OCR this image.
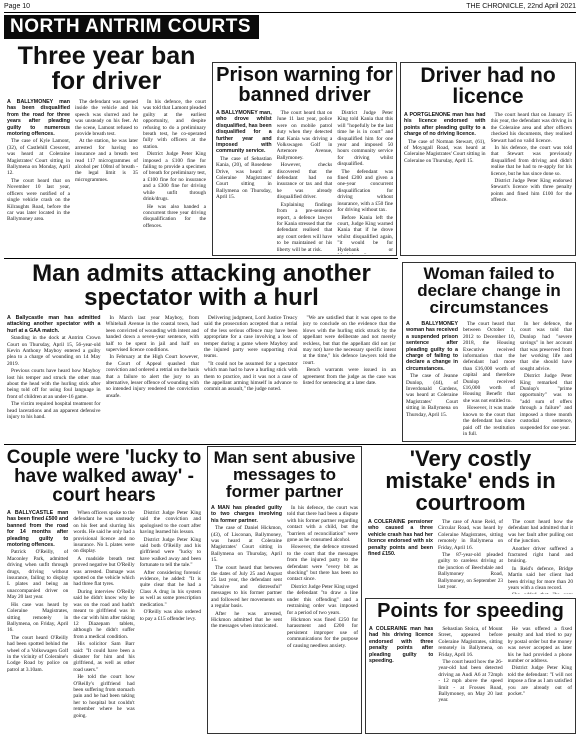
Page 10	THE CHRONICLE, 22nd April 2021
NORTH ANTRIM COURTS
Three year ban for driver

A BALLYMONEY man has been disqualified from the road for three years after pleading guilty to numerous motoring offences.

The case of Kyle Lamont, (32), of Castlehill Crescent, was heard at Coleraine Magistrates' Court sitting in Ballymena on Monday, April 12.

The court heard that on November 10 last year, officers were notified of a single vehicle crash on the Kilraughts Road, before the car was later located in the Ballymoney area.

The defendant was opened inside the vehicle and his speech was slurred and he was unsteady on his feet. At the scene, Lamont refused to provide breath test.

At the station, he was later arrested for having no insurance and a breath test read 117 microgrammes of alcohol per 100ml of breath - the legal limit is 35 microgrammes.

In his defence, the court was told that Lamont pleaded guilty at the earliest opportunity, and despite refusing to do a preliminary breath test, he co-operated fully with officers at the station.

District Judge Peter King imposed a £100 fine for failing to provide a specimen of breath for preliminary test, a £100 fine for no insurance and a £300 fine for driving while unfit through drink/drugs.

He was also handed a concurrent three year driving disqualification for the offences.

Prison warning for banned driver

A BALLYMONEY man, who drove whilst disqualified, has been disqualified for a further year and imposed with community service.

The case of Sebastian Kania, (20), of Rosedene Drive, was heard at Coleraine Magistrates' Court sitting in Ballymena on Thursday, April 15.

The court heard that on June 11 last year, police were on mobile patrol duty when they detected that Kania was driving a Volkswagen Golf in Artemore Avenue, Ballymoney.

However, checks discovered that the defendant had no insurance or tax and that he was already disqualified driver.

Explaining findings from a pre-sentence report, a defence lawyer for Kania stressed that the defendant realised that any court orders will have to be maintained or his liberty will be at risk.

District Judge Peter King told Kania that this will "hopefully be the last time he is in court" and disqualified him for one year and imposed 50 hours community service for driving whilst disqualified.

The defendant was fined £200 and given a one-year concurrent disqualification for driving without insurance, with a £50 fine for driving without tax.

Before Kania left the court, Judge King warned Kania that if he drove whilst disqualified again, "it would be for Hydebank or

Driver had no licence

A PORTGLENONE man has had his licence endorsed with points after pleading guilty to a charge of no driving licence.

The case of Norman Stewart, (61), of Moyagall Road, was heard at Coleraine Magistrates' Court sitting in Coleraine on Thursday, April 15.

The court heard that on January 15 this year, the defendant was driving in the Coleraine area and after officers checked his documents, they realised Stewart had no valid licence.

In his defence, the court was told that Stewart was previously disqualified from driving and didn't realise that he had to re-apply for his licence, but he has since done so.

District Judge Peter King endorsed Stewart's licence with three penalty points and fined him £100 for the offence.

Man admits attacking another spectator with a hurl

A Ballycastle man has admitted attacking another spectator with a hurl at a GAA match.

Standing in the dock at Antrim Crown Court on Thursday, April 15, 56-year-old Kevin Anthony Mayboy entered a guilty plea to a charge of wounding on 14 May 2019.

Previous courts have heard how Mayboy lost his temper and struck the other man about the head with the hurling stick after being told off for using foul language in front of children at an under-16 game.

The victim required hospital treatment for head lacerations and an apparent defensive injury to his hand.

In March last year Mayboy, from Whitehall Avenue in the coastal town, had been convicted of wounding with intent and handed down a seven-year sentence, with half to be spent in jail and half on supervised licence conditions.

In February at the High Court however, the Court of Appeal quashed that conviction and ordered a retrial on the basis that a failure to alert the jury to an alternative, lesser offence of wounding with no intended injury rendered the conviction unsafe.

Delivering judgment, Lord Justice Treacy said the prosecution accepted that a retrial of the less serious offence may have been appropriate for a case involving a loss of temper during a game where Mayboy and the injured party were supporting rival teams.

"It could not be assumed for a spectator which man had to have a hurling stick with them to practice, and it was not a case of the appellant arming himself in advance to commit an assault," the judge noted.

"We are satisfied that it was open to the jury to conclude on the evidence that the blows with the hurling stick struck by the appellant were deliberate and not merely reckless, but that the appellant did not (or may not) have the necessary specific intent at the time," his defence lawyers told the court.

Bench warrants were issued in an agreement from the judge as the case was listed for sentencing at a later date.

Woman failed to declare change in circumstances

A BALLYMONEY woman has received a suspended prison sentence after pleading guilty to a charge of failing to declare a change in circumstances.

The case of Jeanne Dunlop, (44), of Inverdonald Gardens, was heard at Coleraine Magistrates' Court sitting in Ballymena on Thursday, April 15.

The court heard that between October 1, 2012 to December 10, 2018, the Housing Executive received information that the defendant had more than £16,000 worth of capital and therefore Dunlop received £16,000 worth of Housing Benefit that she was not entitled to.

However, it was made known to the court that the defendant has since paid off the restitution in full.

In her defence, the court was told that Dunlop had "severe savings" in her account that was preserved from her working life and that she should have sought advice.

District Judge Peter King remarked that Dunlop's "prime opportunity" was to "add sum of offers through a failure" and imposed a three month custodial sentence, suspended for one year.

Couple were 'lucky to have walked away' - court hears

A BALLYCASTLE man has been fined £500 and banned from the road for 14 months after pleading guilty to motoring offences.

Patrick O'Reilly, of Maconley Park, admitted driving when unfit through drugs, driving without insurance, failing to display L plates and being an unaccompanied driver on May 20 last year.

His case was heard by Coleraine Magistrates, sitting remotely in Ballymena, on Friday, April 16.

The court heard O'Reilly had been spotted behind the wheel of a Volkswagen Golf in the vicinity of Coleraine's Lodge Road by police on patrol at 3.10am.

When officers spoke to the defendant he was unsteady on his feet and slurring his words. He said he only had a provisional licence and no insurance. No L plates were on display.

A roadside breath test proved negative but O'Reilly was arrested. Damage was spotted on the vehicle which had three flat tyres.

During interview O'Reilly said he didn't know why he was on the road and hadn't meant to girlfriend was in the car with him after taking 12 Diazepam tablets, although he didn't suffer from a medical condition.

His solicitor Sam Barr said: "It could have been a disaster for him and his girlfriend, as well as other road users."

He told the court how O'Reilly's girlfriend had been suffering from stomach pain and he had been taking her to hospital but couldn't remember where he was going.

District Judge Peter King said the conviction and apologised to the court after having learned his lesson.

District Judge Peter King said both O'Reilly and his girlfriend were "lucky to have walked away and been fortunate to tell the tale."

After considering forensic evidence, he added: "It is quite clear that he had a Class A drug in his system as well as some prescription medication."

O'Reilly was also ordered to pay a £15 offender levy.

Man sent abusive messages to former partner

A MAN has pleaded guilty to two charges involving his former partner.

The case of Daniel Hickmon, (43), of Lisconan, Ballymoney, was heard at Coleraine Magistrates' Court sitting in Ballymena on Thursday, April 15.

The court heard that between the dates of July 25 and August 25 last year, the defendant sent "abusive and distressful" messages to his former partner and followed her movements on a regular basis.

After he was arrested, Hickmon admitted that he sent the messages when intoxicated.

In his defence, the court was told that there had been a dispute with his former partner regarding contact with a child, but the "barriers of reconciliation" were gone as he consumed alcohol.

However, the defence stressed to the court that the messages from the injured party to the defendant were "every bit as shocking" but there has been no contact since.

District Judge Peter King urged the defendant "to draw a line under this offending" and a restraining order was imposed for a period of two years.

Hickmon was fined £250 for harassment and £200 for persistent improper use of communications for the purpose of causing needless anxiety.

'Very costly mistake' ends in courtroom

A COLERAINE pensioner who caused a three vehicle crash has had her licence endorsed with six penalty points and been fined £150.

The case of Anne Reid, of Circular Road, was heard by Coleraine Magistrates, sitting remotely in Ballymena on Friday, April 16.

The 87-year-old pleaded guilty to careless driving at the junction of Beechdale and Ballymoney Road, Ballymoney, on September 23 last year.

The court heard how the defendant had admitted that it was her fault after pulling out of the junction.

Another driver suffered a fractured right hand and bruising.

In Reid's defence, Bridge Martin said her client had been driving for more than 20 years with a clean record.

Points for speeding

A COLERAINE man has had his driving licence endorsed with three penalty points after pleading guilty to speeding.

Sebastian Stoica, of Mount Street, appeared before Coleraine Magistrates, sitting remotely in Ballymena, on Friday, April 16.

The court heard how the 26-year-old had been detected driving an Audi A6 at 72mph - 12 mph above the speed limit - at Frosses Road, Ballymoney, on May 20 last year.

He was offered a fixed penalty and had tried to pay by postal order but the money was never accepted as later his he had provided a phone number or address.

District Judge Peter King told the defendant: "I will not impose a fine as I am satisfied you are already out of pocket."
